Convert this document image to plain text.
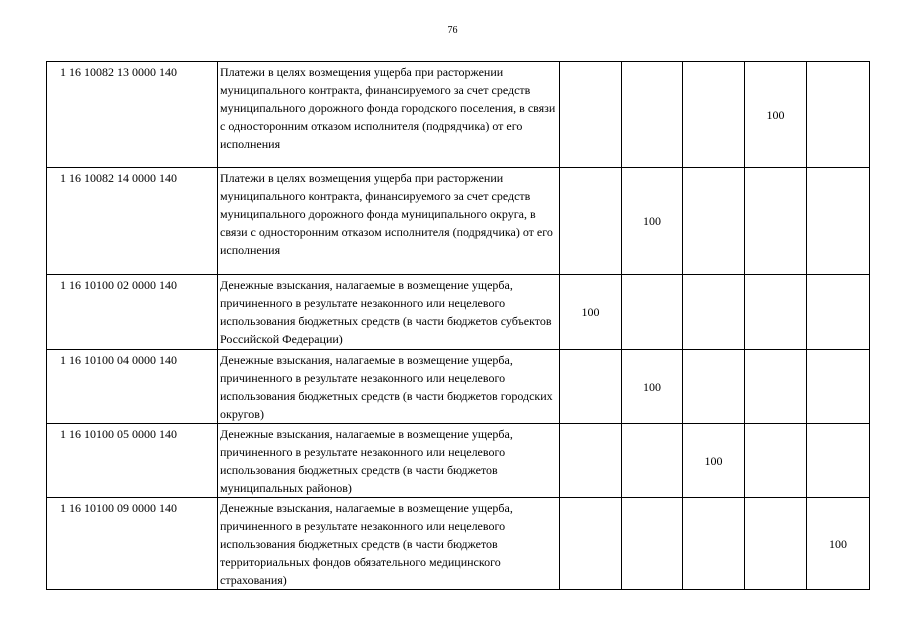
76
1 16 10082 13 0000 140	Платежи в целях возмещения ущерба при расторжении муниципального контракта, финансируемого за счет средств муниципального дорожного фонда городского поселения, в связи с односторонним отказом исполнителя (подрядчика) от его исполнения				100	
1 16 10082 14 0000 140	Платежи в целях возмещения ущерба при расторжении муниципального контракта, финансируемого за счет средств муниципального дорожного фонда муниципального округа, в связи с односторонним отказом исполнителя (подрядчика) от его исполнения		100			
1 16 10100 02 0000 140	Денежные взыскания, налагаемые в возмещение ущерба, причиненного в результате незаконного или нецелевого использования бюджетных средств (в части бюджетов субъектов Российской Федерации)	100				
1 16 10100 04 0000 140	Денежные взыскания, налагаемые в возмещение ущерба, причиненного в результате незаконного или нецелевого использования бюджетных средств (в части бюджетов городских округов)		100			
1 16 10100 05 0000 140	Денежные взыскания, налагаемые в возмещение ущерба, причиненного в результате незаконного или нецелевого использования бюджетных средств (в части бюджетов муниципальных районов)			100		
1 16 10100 09 0000 140	Денежные взыскания, налагаемые в возмещение ущерба, причиненного в результате незаконного или нецелевого использования бюджетных средств (в части бюджетов территориальных фондов обязательного медицинского страхования)					100
